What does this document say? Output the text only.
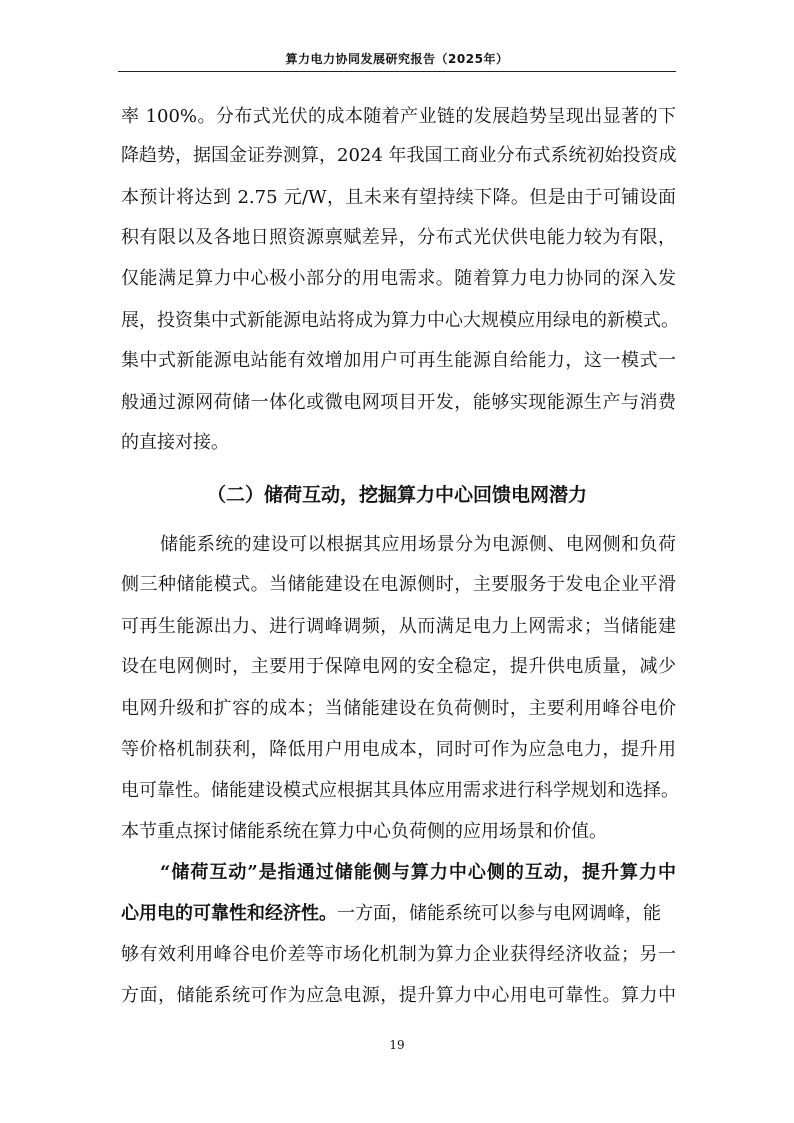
算力电力协同发展研究报告（2025年）
率 100%。分布式光伏的成本随着产业链的发展趋势呈现出显著的下
降趋势，据国金证券测算，2024 年我国工商业分布式系统初始投资成
本预计将达到 2.75 元/W，且未来有望持续下降。但是由于可铺设面
积有限以及各地日照资源禀赋差异，分布式光伏供电能力较为有限，
仅能满足算力中心极小部分的用电需求。随着算力电力协同的深入发
展，投资集中式新能源电站将成为算力中心大规模应用绿电的新模式。
集中式新能源电站能有效增加用户可再生能源自给能力，这一模式一
般通过源网荷储一体化或微电网项目开发，能够实现能源生产与消费
的直接对接。
（二）储荷互动，挖掘算力中心回馈电网潜力
储能系统的建设可以根据其应用场景分为电源侧、电网侧和负荷
侧三种储能模式。当储能建设在电源侧时，主要服务于发电企业平滑
可再生能源出力、进行调峰调频，从而满足电力上网需求；当储能建
设在电网侧时，主要用于保障电网的安全稳定，提升供电质量，减少
电网升级和扩容的成本；当储能建设在负荷侧时，主要利用峰谷电价
等价格机制获利，降低用户用电成本，同时可作为应急电力，提升用
电可靠性。储能建设模式应根据其具体应用需求进行科学规划和选择。
本节重点探讨储能系统在算力中心负荷侧的应用场景和价值。
“储荷互动”是指通过储能侧与算力中心侧的互动，提升算力中
心用电的可靠性和经济性。一方面，储能系统可以参与电网调峰，能
够有效利用峰谷电价差等市场化机制为算力企业获得经济收益；另一
方面，储能系统可作为应急电源，提升算力中心用电可靠性。算力中
19
